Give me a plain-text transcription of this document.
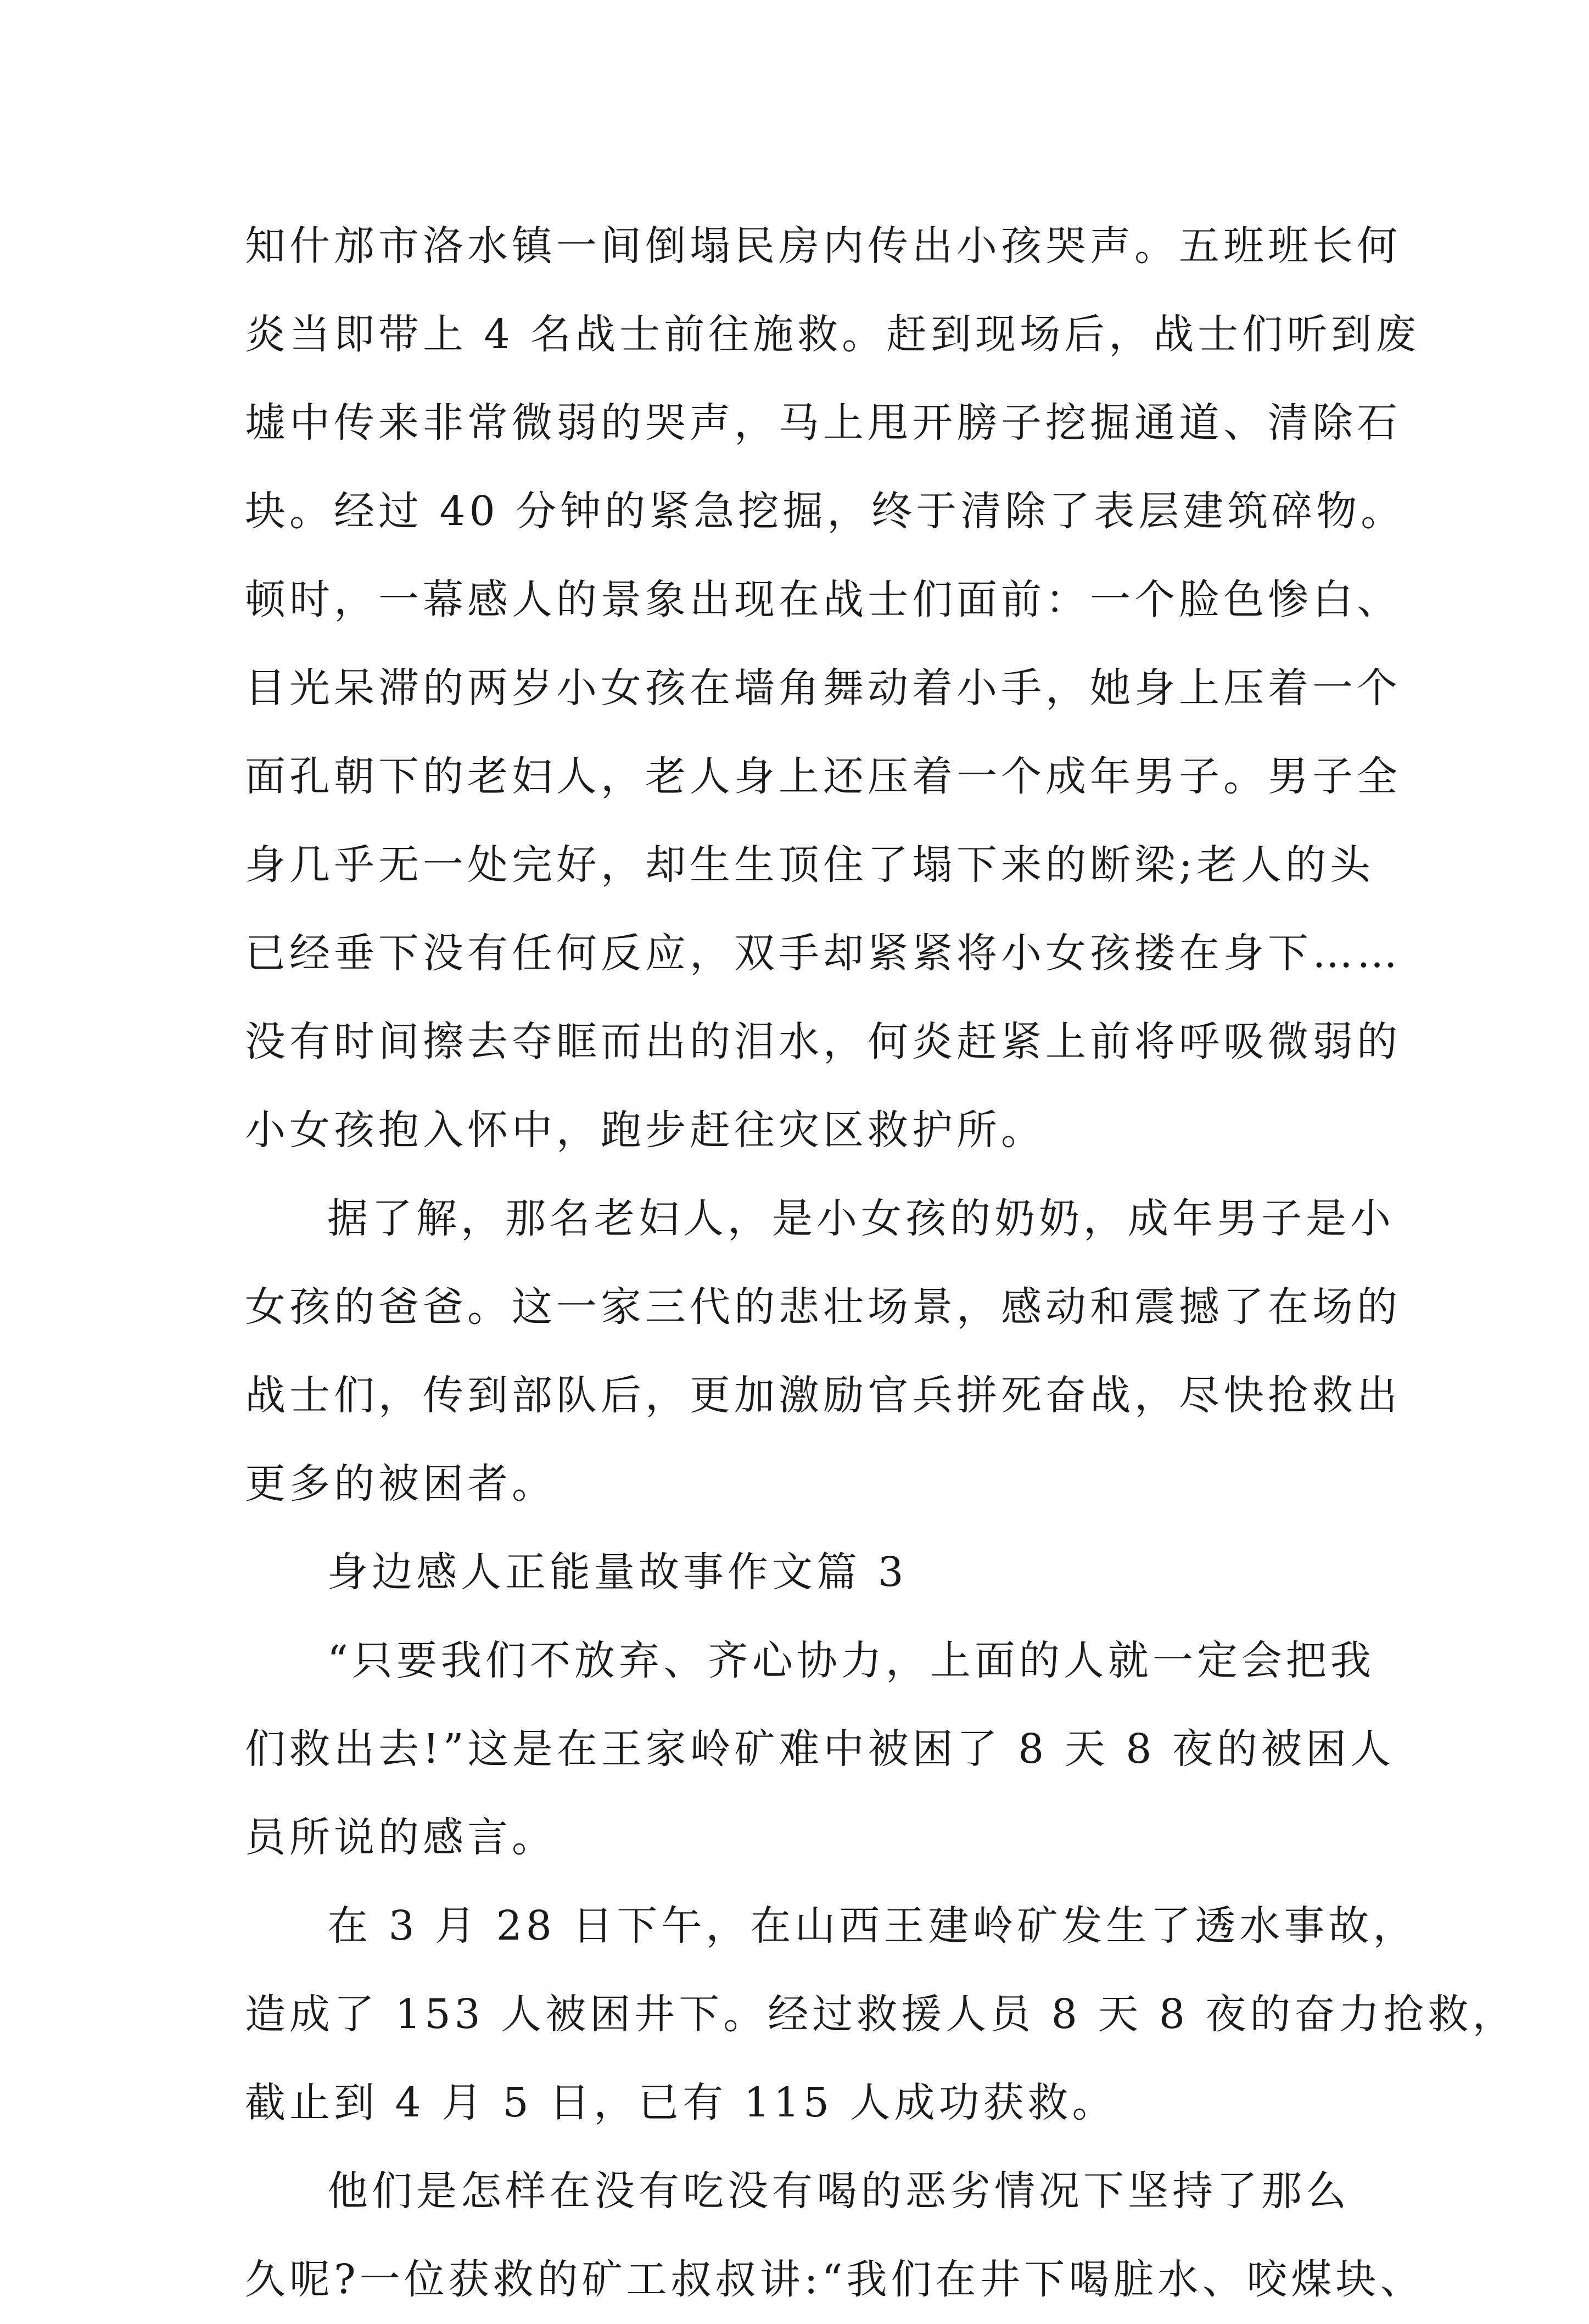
知什邡市洛水镇一间倒塌民房内传出小孩哭声。五班班长何
炎当即带上 4 名战士前往施救。赶到现场后，战士们听到废
墟中传来非常微弱的哭声，马上甩开膀子挖掘通道、清除石
块。经过 40 分钟的紧急挖掘，终于清除了表层建筑碎物。
顿时，一幕感人的景象出现在战士们面前：一个脸色惨白、
目光呆滞的两岁小女孩在墙角舞动着小手，她身上压着一个
面孔朝下的老妇人，老人身上还压着一个成年男子。男子全
身几乎无一处完好，却生生顶住了塌下来的断梁;老人的头
已经垂下没有任何反应，双手却紧紧将小女孩搂在身下……
没有时间擦去夺眶而出的泪水，何炎赶紧上前将呼吸微弱的
小女孩抱入怀中，跑步赶往灾区救护所。
据了解，那名老妇人，是小女孩的奶奶，成年男子是小
女孩的爸爸。这一家三代的悲壮场景，感动和震撼了在场的
战士们，传到部队后，更加激励官兵拼死奋战，尽快抢救出
更多的被困者。
身边感人正能量故事作文篇 3
“只要我们不放弃、齐心协力，上面的人就一定会把我
们救出去!”这是在王家岭矿难中被困了 8 天 8 夜的被困人
员所说的感言。
在 3 月 28 日下午，在山西王建岭矿发生了透水事故，
造成了 153 人被困井下。经过救援人员 8 天 8 夜的奋力抢救，
截止到 4 月 5 日，已有 115 人成功获救。
他们是怎样在没有吃没有喝的恶劣情况下坚持了那么
久呢?一位获救的矿工叔叔讲:“我们在井下喝脏水、咬煤块、
